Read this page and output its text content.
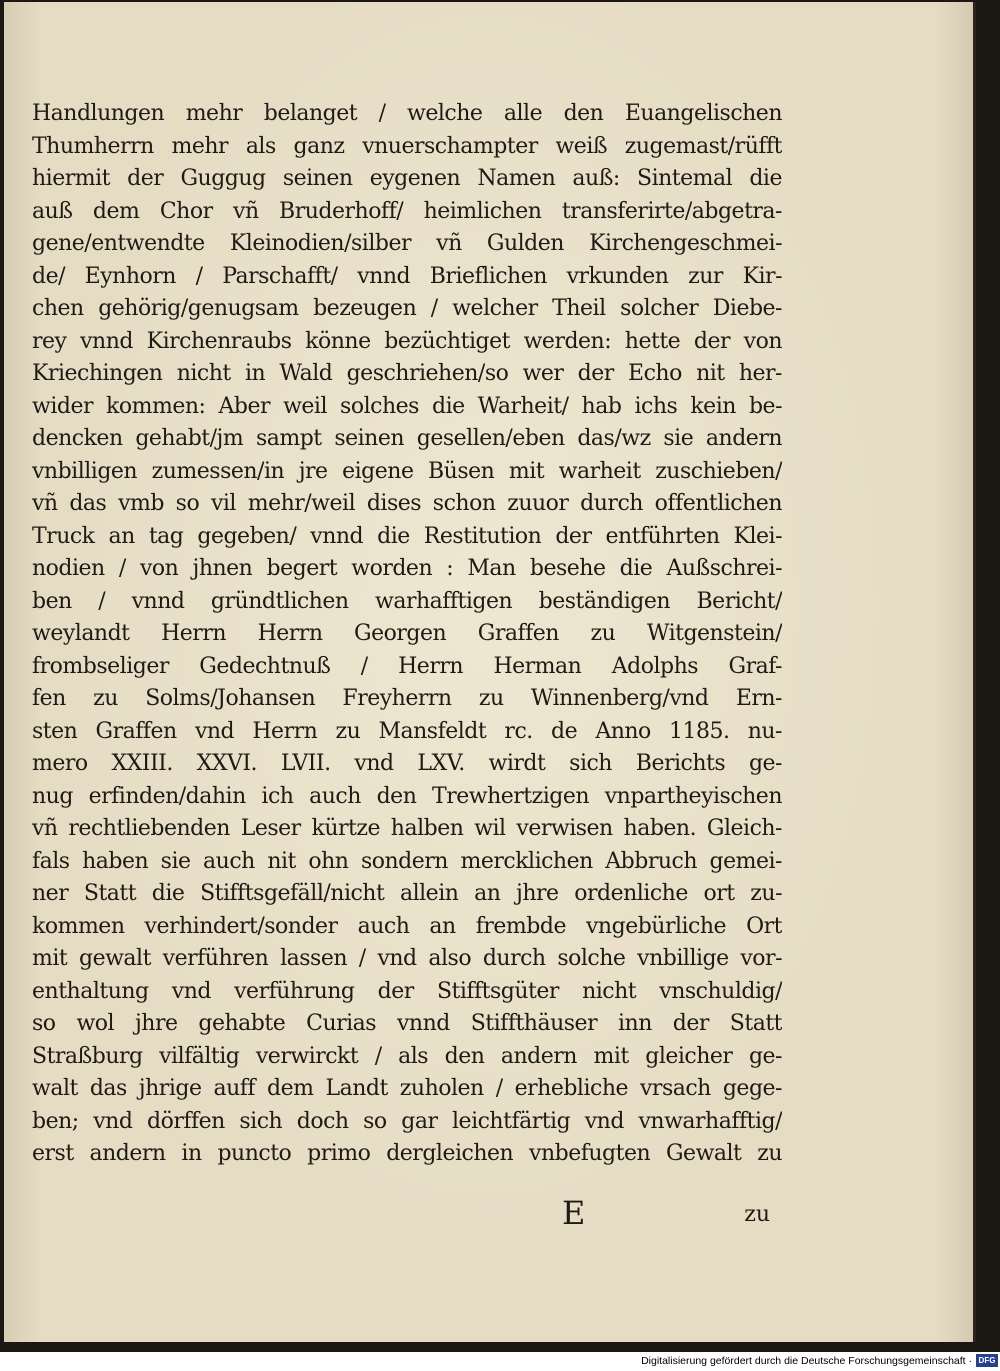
Handlungen mehr belanget / welche alle den Euangelischen
Thumherrn mehr als ganz vnuerschampter weiß zugemast/rüfft
hiermit der Guggug seinen eygenen Namen auß: Sintemal die
auß dem Chor vñ Bruderhoff/ heimlichen transferirte/abgetra-
gene/entwendte Kleinodien/silber vñ Gulden Kirchengeschmei-
de/ Eynhorn / Parschafft/ vnnd Brieflichen vrkunden zur Kir-
chen gehörig/genugsam bezeugen / welcher Theil solcher Diebe-
rey vnnd Kirchenraubs könne bezüchtiget werden: hette der von
Kriechingen nicht in Wald geschriehen/so wer der Echo nit her-
wider kommen: Aber weil solches die Warheit/ hab ichs kein be-
dencken gehabt/jm sampt seinen gesellen/eben das/wz sie andern
vnbilligen zumessen/in jre eigene Büsen mit warheit zuschieben/
vñ das vmb so vil mehr/weil dises schon zuuor durch offentlichen
Truck an tag gegeben/ vnnd die Restitution der entführten Klei-
nodien / von jhnen begert worden : Man besehe die Außschrei-
ben / vnnd gründtlichen warhafftigen beständigen Bericht/
weylandt Herrn Herrn Georgen Graffen zu Witgenstein/
frombseliger Gedechtnuß / Herrn Herman Adolphs Graf-
fen zu Solms/Johansen Freyherrn zu Winnenberg/vnd Ern-
sten Graffen vnd Herrn zu Mansfeldt rc. de Anno 1185. nu-
mero XXIII. XXVI. LVII. vnd LXV. wirdt sich Berichts ge-
nug erfinden/dahin ich auch den Trewhertzigen vnpartheyischen
vñ rechtliebenden Leser kürtze halben wil verwisen haben. Gleich-
fals haben sie auch nit ohn sondern mercklichen Abbruch gemei-
ner Statt die Stifftsgefäll/nicht allein an jhre ordenliche ort zu-
kommen verhindert/sonder auch an frembde vngebürliche Ort
mit gewalt verführen lassen / vnd also durch solche vnbillige vor-
enthaltung vnd verführung der Stifftsgüter nicht vnschuldig/
so wol jhre gehabte Curias vnnd Stiffthäuser inn der Statt
Straßburg vilfältig verwirckt / als den andern mit gleicher ge-
walt das jhrige auff dem Landt zuholen / erhebliche vrsach gege-
ben; vnd dörffen sich doch so gar leichtfärtig vnd vnwarhafftig/
erst andern in puncto primo dergleichen vnbefugten Gewalt zu
E	zu
Digitalisierung gefördert durch die Deutsche Forschungsgemeinschaft · DFG
